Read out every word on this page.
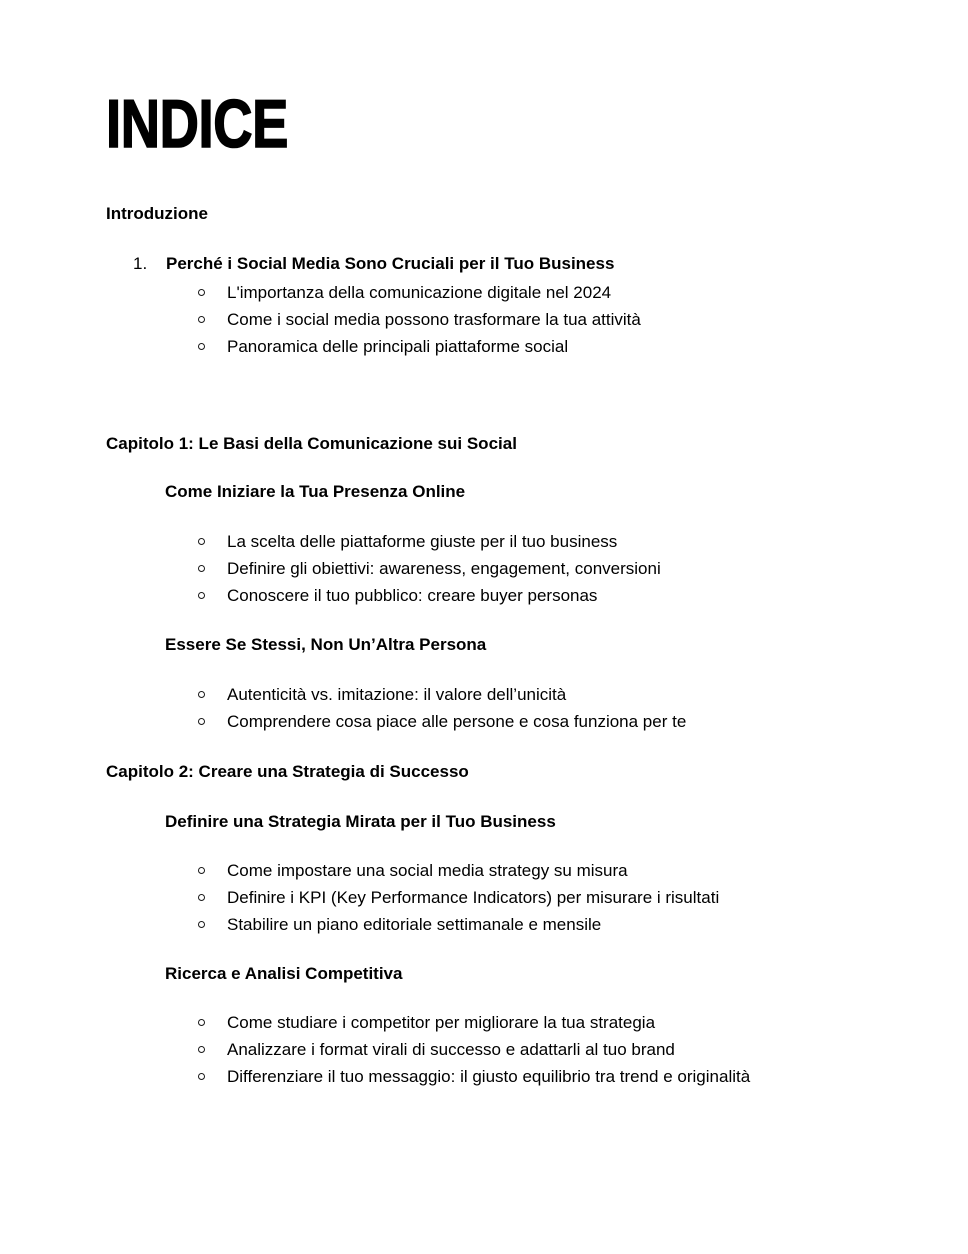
INDICE
Introduzione
1. Perché i Social Media Sono Cruciali per il Tuo Business
L'importanza della comunicazione digitale nel 2024
Come i social media possono trasformare la tua attività
Panoramica delle principali piattaforme social
Capitolo 1: Le Basi della Comunicazione sui Social
Come Iniziare la Tua Presenza Online
La scelta delle piattaforme giuste per il tuo business
Definire gli obiettivi: awareness, engagement, conversioni
Conoscere il tuo pubblico: creare buyer personas
Essere Se Stessi, Non Un’Altra Persona
Autenticità vs. imitazione: il valore dell’unicità
Comprendere cosa piace alle persone e cosa funziona per te
Capitolo 2: Creare una Strategia di Successo
Definire una Strategia Mirata per il Tuo Business
Come impostare una social media strategy su misura
Definire i KPI (Key Performance Indicators) per misurare i risultati
Stabilire un piano editoriale settimanale e mensile
Ricerca e Analisi Competitiva
Come studiare i competitor per migliorare la tua strategia
Analizzare i format virali di successo e adattarli al tuo brand
Differenziare il tuo messaggio: il giusto equilibrio tra trend e originalità
